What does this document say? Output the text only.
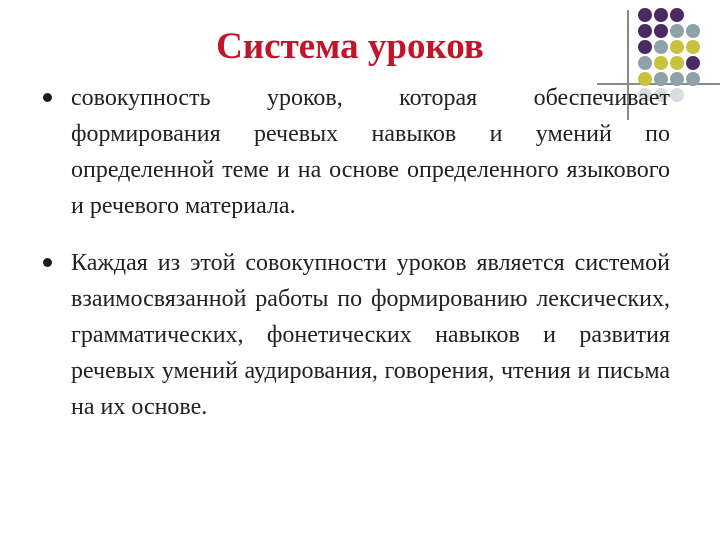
Система уроков
совокупность уроков, которая обеспечивает формирования речевых навыков и умений по определенной теме и на основе определенного языкового и речевого материала.
Каждая из этой совокупности уроков является системой взаимосвязанной работы по формированию лексических, грамматических, фонетических навыков и развития речевых умений аудирования, говорения, чтения и письма на их основе.
